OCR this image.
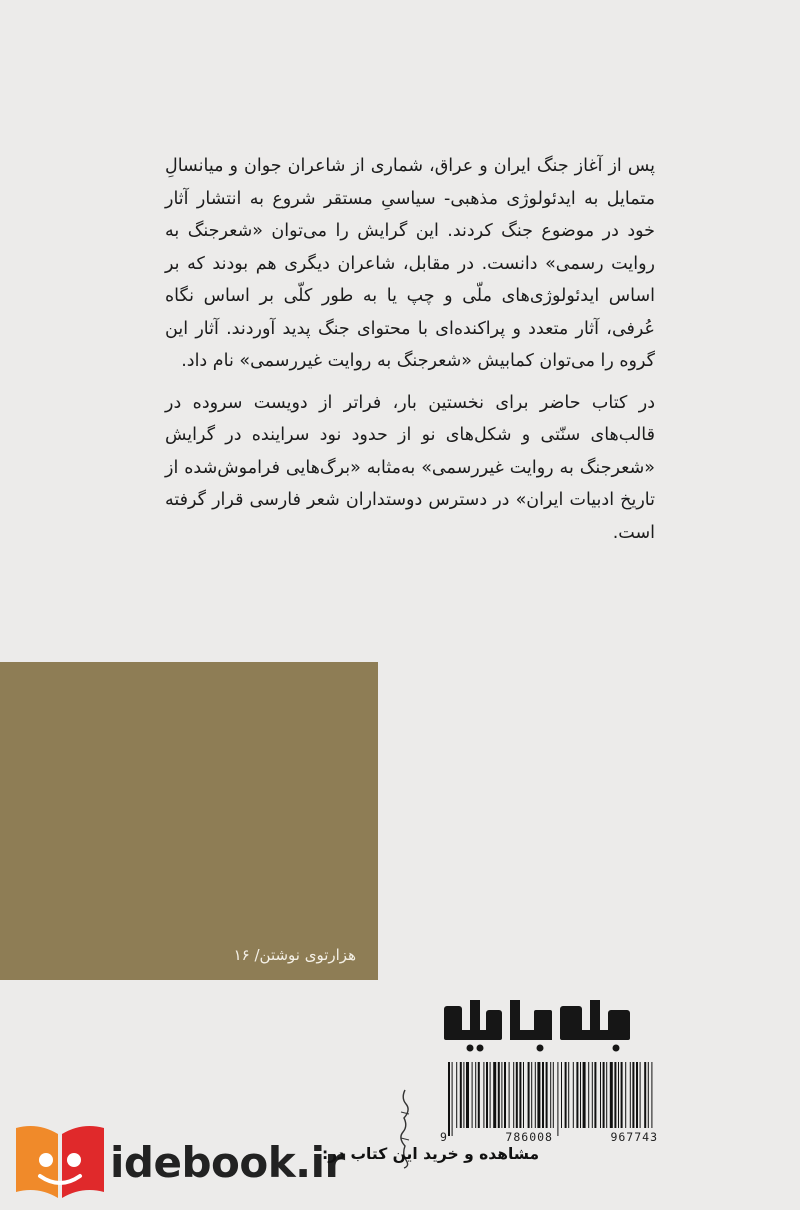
پس از آغاز جنگ ایران و عراق، شماری از شاعران جوان و میانسالِ متمایل به ایدئولوژی مذهبی- سیاسیِ مستقر شروع به انتشار آثار خود در موضوع جنگ کردند. این گرایش را می‌توان «شعرجنگ به روایت رسمی» دانست. در مقابل، شاعران دیگری هم بودند که بر اساس ایدئولوژی‌های ملّی و چپ یا به طور کلّی بر اساس نگاه عُرفی، آثار متعدد و پراکنده‌ای با محتوای جنگ پدید آوردند. آثار این گروه را می‌توان کمابیش «شعرجنگ به روایت غیررسمی» نام داد.

در کتاب حاضر برای نخستین بار، فراتر از دویست سروده در قالب‌های سنّتی و شکل‌های نو از حدود نود سراینده در گرایش «شعرجنگ به روایت غیررسمی» به‌مثابه «برگ‌هایی فراموش‌شده از تاریخ ادبیات ایران» در دسترس دوستداران شعر فارسی قرار گرفته است.

هزارتوی نوشتن/ ۱۶
جهان کتاب
9	786008	967743
idebook.ir
مشاهده و خرید این کتاب در:
